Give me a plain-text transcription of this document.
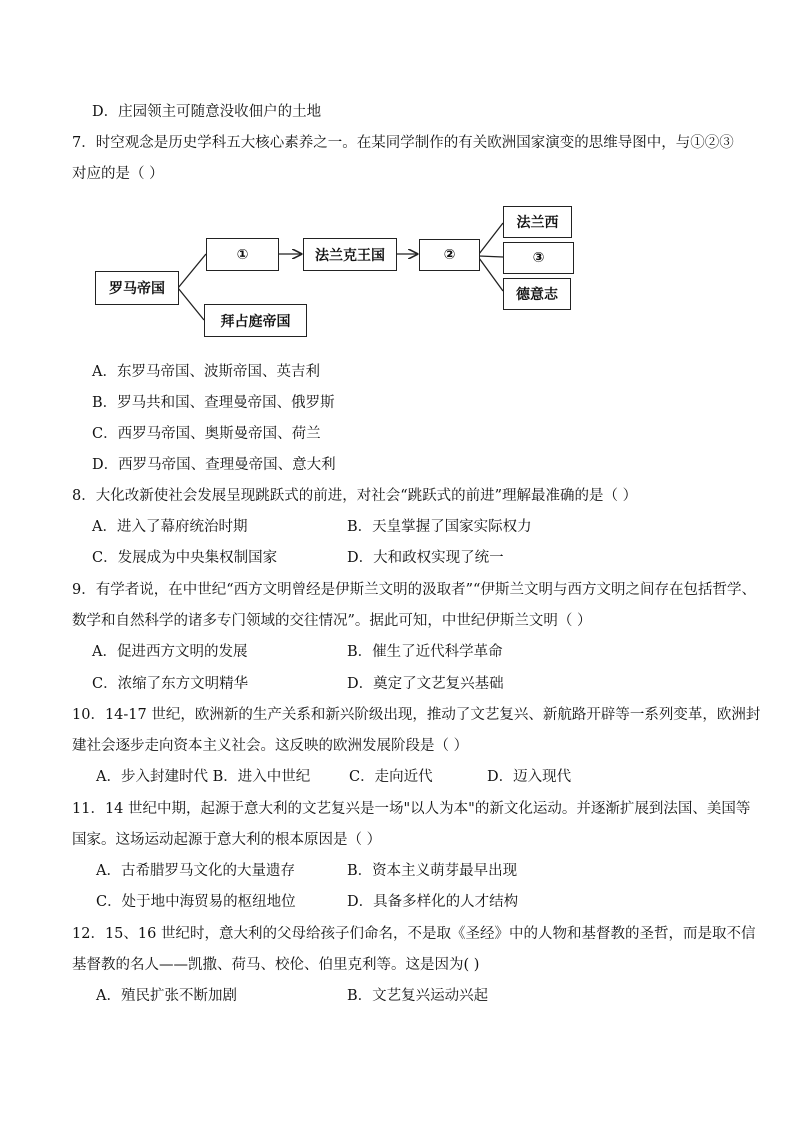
D．庄园领主可随意没收佃户的土地
7．时空观念是历史学科五大核心素养之一。在某同学制作的有关欧洲国家演变的思维导图中，与①②③
对应的是（ ）
罗马帝国
①	法兰克王国	②
法兰西
③
德意志
拜占庭帝国
A．东罗马帝国、波斯帝国、英吉利
B．罗马共和国、查理曼帝国、俄罗斯
C．西罗马帝国、奥斯曼帝国、荷兰
D．西罗马帝国、查理曼帝国、意大利
8．大化改新使社会发展呈现跳跃式的前进，对社会“跳跃式的前进”理解最准确的是（ ）
A．进入了幕府统治时期	B．天皇掌握了国家实际权力
C．发展成为中央集权制国家	D．大和政权实现了统一
9．有学者说，在中世纪“西方文明曾经是伊斯兰文明的汲取者”“伊斯兰文明与西方文明之间存在包括哲学、
数学和自然科学的诸多专门领域的交往情况”。据此可知，中世纪伊斯兰文明（ ）
A．促进西方文明的发展	B．催生了近代科学革命
C．浓缩了东方文明精华	D．奠定了文艺复兴基础
10．14-17 世纪，欧洲新的生产关系和新兴阶级出现，推动了文艺复兴、新航路开辟等一系列变革，欧洲封
建社会逐步走向资本主义社会。这反映的欧洲发展阶段是（ ）
A．步入封建时代 B．进入中世纪	C．走向近代	D．迈入现代
11．14 世纪中期，起源于意大利的文艺复兴是一场"以人为本"的新文化运动。并逐渐扩展到法国、美国等
国家。这场运动起源于意大利的根本原因是（ ）
A．古希腊罗马文化的大量遗存	B．资本主义萌芽最早出现
C．处于地中海贸易的枢纽地位	D．具备多样化的人才结构
12．15、16 世纪时，意大利的父母给孩子们命名，不是取《圣经》中的人物和基督教的圣哲，而是取不信
基督教的名人——凯撒、荷马、校伦、伯里克利等。这是因为( )
A．殖民扩张不断加剧	B．文艺复兴运动兴起
